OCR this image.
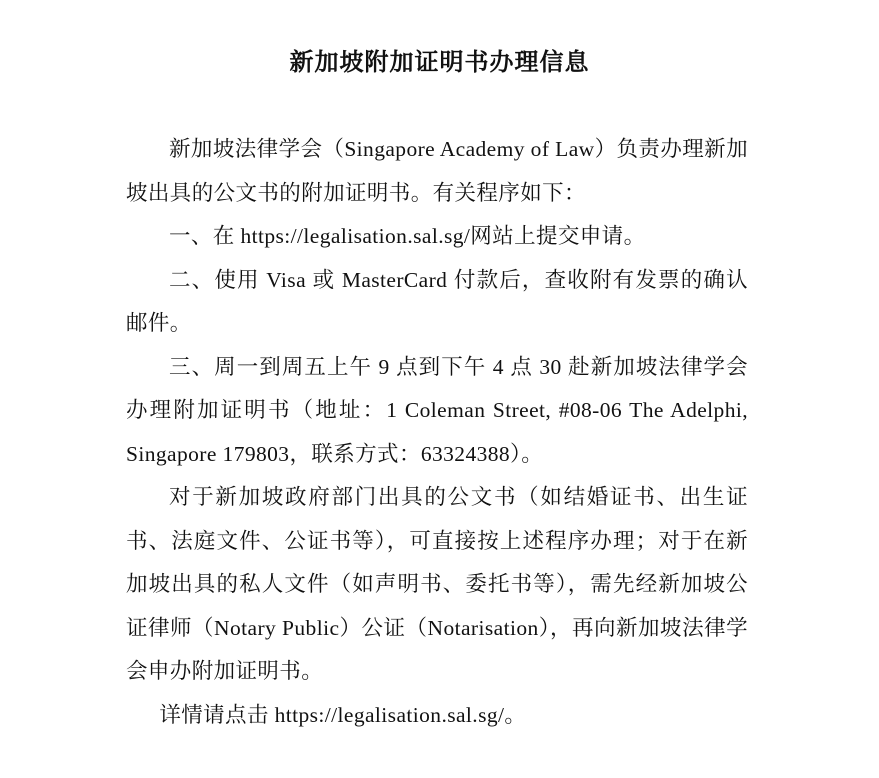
新加坡附加证明书办理信息

新加坡法律学会（Singapore Academy of Law）负责办理新加坡出具的公文书的附加证明书。有关程序如下：

一、在 https://legalisation.sal.sg/网站上提交申请。

二、使用 Visa 或 MasterCard 付款后，查收附有发票的确认邮件。

三、周一到周五上午 9 点到下午 4 点 30 赴新加坡法律学会办理附加证明书（地址：1 Coleman Street, #08-06 The Adelphi, Singapore 179803，联系方式：63324388）。

对于新加坡政府部门出具的公文书（如结婚证书、出生证书、法庭文件、公证书等），可直接按上述程序办理；对于在新加坡出具的私人文件（如声明书、委托书等），需先经新加坡公证律师（Notary Public）公证（Notarisation），再向新加坡法律学会申办附加证明书。

详情请点击 https://legalisation.sal.sg/。
